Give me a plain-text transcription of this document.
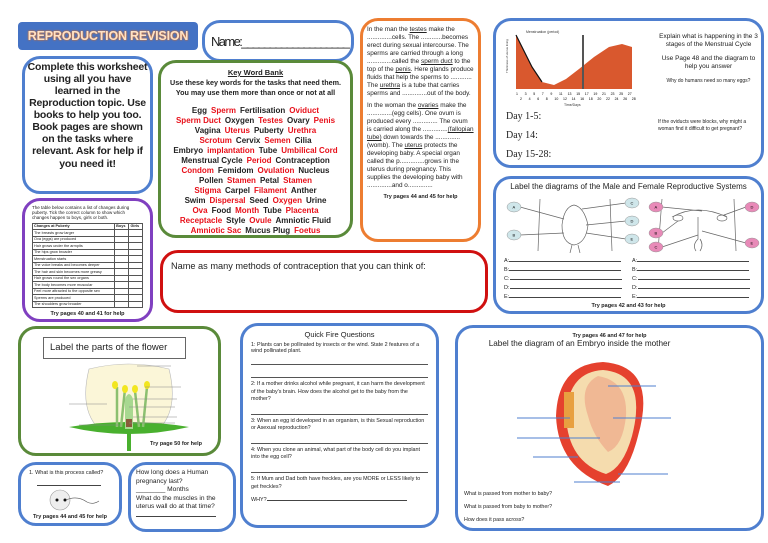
REPRODUCTION REVISION	Name:___________________
Complete this worksheet using all you have learned in the Reproduction topic. Use books to help you too. Book pages are shown on the tasks where relevant. Ask for help if you need it!
The table below contains a list of changes during puberty. Tick the correct column to show which changes happen to boys, girls or both.
Changes at Puberty	Boys	Girls
The breasts grow larger		
Ova (eggs) are produced		
Hair grows under the armpits		
The hips grow broader		
Menstruation starts		
The voice breaks and becomes deeper		
The hair and skin becomes more greasy		
Hair grows round the sex organs		
The body becomes more muscular		
Feel more attracted to the opposite sex		
Sperms are produced		
The shoulders grow broader		
Try pages 40 and 41 for help
Key Word Bank
Use these key words for the tasks that need them.
You may use them more than once or not at all
Egg Sperm Fertilisation Oviduct
Sperm Duct Oxygen Testes Ovary Penis
Vagina Uterus Puberty Urethra
Scrotum Cervix Semen Cilia
Embryo implantation Tube Umbilical Cord
Menstrual Cycle Period Contraception
Condom Femidom Ovulation Nucleus
Pollen Stamen Petal Stamen
Stigma Carpel Filament Anther
Swim Dispersal Seed Oxygen Urine
Ova Food Month Tube Placenta
Receptacle Style Ovule Amniotic Fluid
Amniotic Sac Mucus Plug Foetus

In the man the testes make the ..............cells. The ............becomes erect during sexual intercourse. The sperms are carried through a long ..............called the sperm duct to the top of the penis. Here glands produce fluids that help the sperms to ............ The urethra is a tube that carries sperms and ..............out of the body.

In the woman the ovaries make the ..............(egg cells). One ovum is produced every .............. The ovum is carried along the ..............(fallopian tube) down towards the ..............(womb). The uterus protects the developing baby. A special organ called the p..............grows in the uterus during pregnancy. This supplies the developing baby with ..............and o..............

Try pages 44 and 45 for help
Menstruation (period)
Thickness of uterus lining
1 3 5 7 9 11 13 15 17 19 21 23 25 27
2 4 6 8 10 12 14 16 18 20 22 24 26 28
Time/Days
Explain what is happening in the 3 stages of the Menstrual Cycle
Use Page 48 and the diagram to help you answer
Why do humans need so many eggs?
If the oviducts were blocks, why might a woman find it difficult to get pregnant?
Day 1-5:
Day 14:
Day 15-28:
Label the diagrams of the Male and Female Reproductive Systems
A
B
C
D
E
A
B
C
D
E
A:
B:
C:
D:
E:
A:
B:
C:
D:
E:
Try pages 42 and 43 for help
Name as many methods of contraception that you can think of:
Label the parts of the flower
Try page 50 for help
1. What is this process called?
Try pages 44 and 45 for help
How long does a Human pregnancy last?
________ Months
What do the muscles in the uterus wall do at that time?
Quick Fire Questions
1: Plants can be pollinated by insects or the wind. State 2 features of a wind pollinated plant.
2: If a mother drinks alcohol while pregnant, it can harm the development of the baby's brain. How does the alcohol get to the baby from the mother?
3: When an egg id developed in an organism, is this Sexual reproduction or Asexual reproduction?
4: When you clone an animal, what part of the body cell do you implant into the egg cell?
5: If Mum and Dad both have freckles, are you MORE or LESS likely to get freckles?
WHY?
Try pages 46 and 47 for help
Label the diagram of an Embryo inside the mother
What is passed from mother to baby?
What is passed from baby to mother?
How does it pass across?
